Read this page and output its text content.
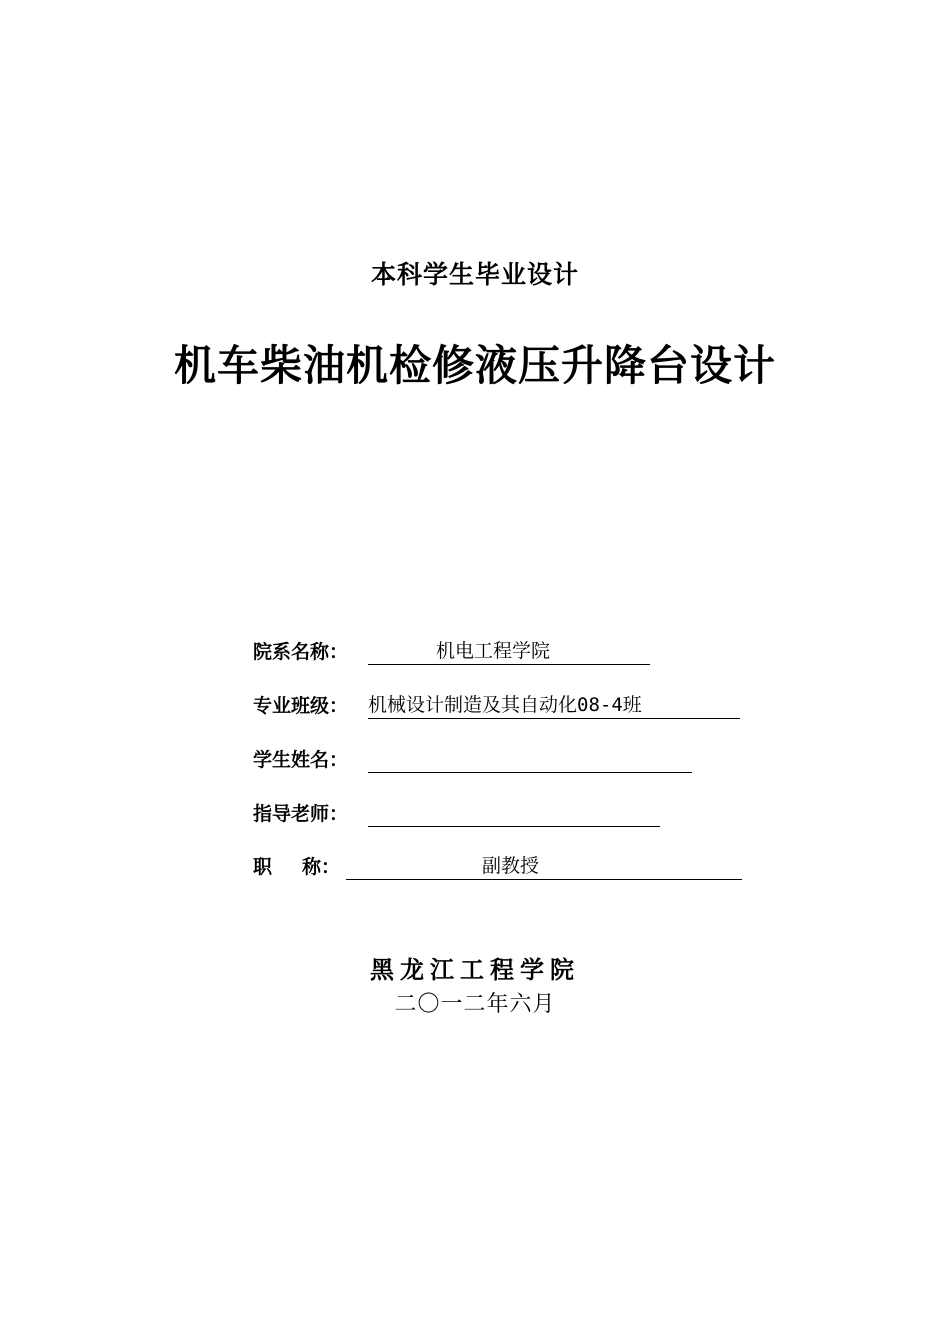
本科学生毕业设计
机车柴油机检修液压升降台设计
院系名称：	机电工程学院
专业班级： 机械设计制造及其自动化08-4班
学生姓名：
指导老师：
职 称：	副教授
黑龙江工程学院
二〇一二年六月
